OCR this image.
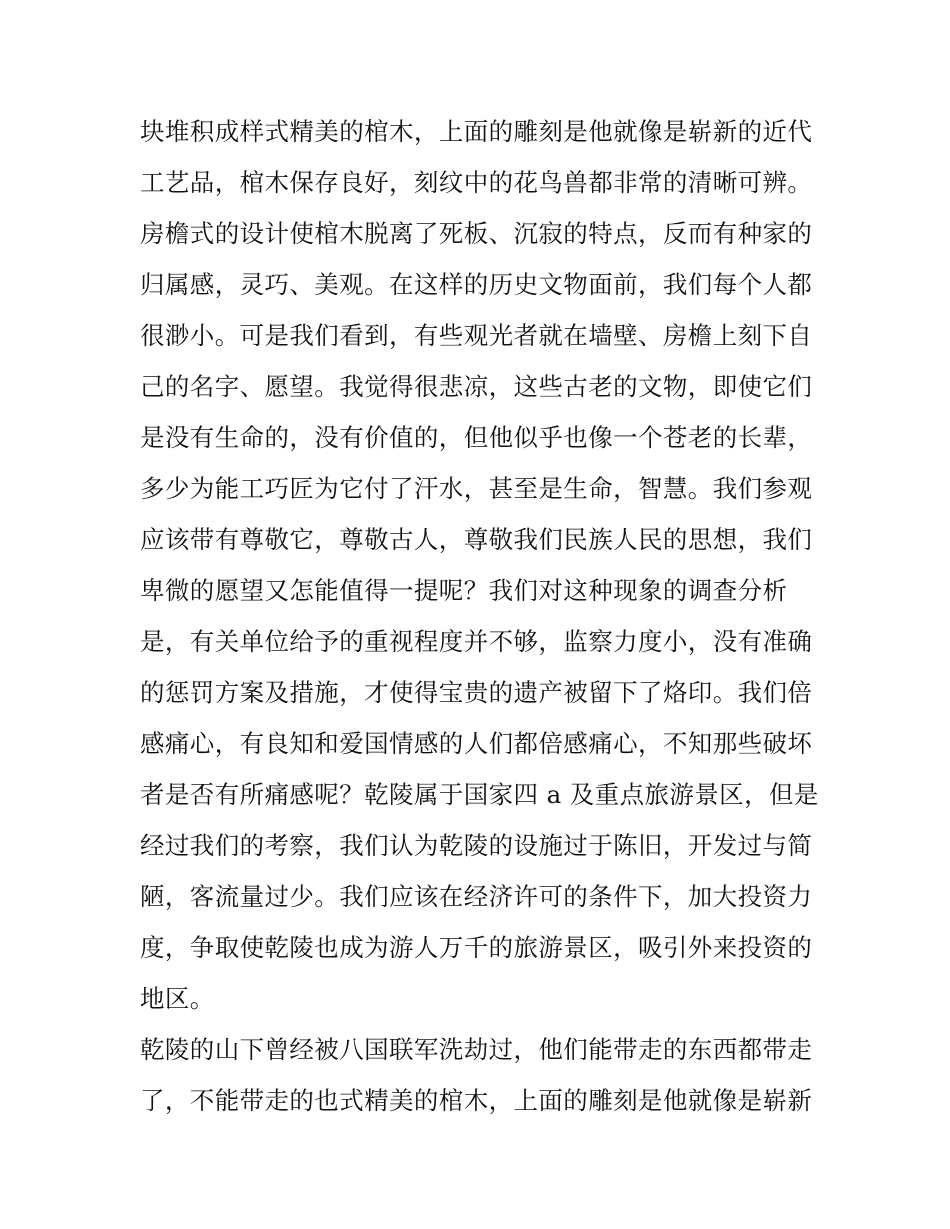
块堆积成样式精美的棺木，上面的雕刻是他就像是崭新的近代
工艺品，棺木保存良好，刻纹中的花鸟兽都非常的清晰可辨。
房檐式的设计使棺木脱离了死板、沉寂的特点，反而有种家的
归属感，灵巧、美观。在这样的历史文物面前，我们每个人都
很渺小。可是我们看到，有些观光者就在墙壁、房檐上刻下自
己的名字、愿望。我觉得很悲凉，这些古老的文物，即使它们
是没有生命的，没有价值的，但他似乎也像一个苍老的长辈，
多少为能工巧匠为它付了汗水，甚至是生命，智慧。我们参观
应该带有尊敬它，尊敬古人，尊敬我们民族人民的思想，我们
卑微的愿望又怎能值得一提呢？我们对这种现象的调查分析
是，有关单位给予的重视程度并不够，监察力度小，没有准确
的惩罚方案及措施，才使得宝贵的遗产被留下了烙印。我们倍
感痛心，有良知和爱国情感的人们都倍感痛心，不知那些破坏
者是否有所痛感呢？乾陵属于国家四 a 及重点旅游景区，但是
经过我们的考察，我们认为乾陵的设施过于陈旧，开发过与简
陋，客流量过少。我们应该在经济许可的条件下，加大投资力
度，争取使乾陵也成为游人万千的旅游景区，吸引外来投资的
地区。
乾陵的山下曾经被八国联军洗劫过，他们能带走的东西都带走
了，不能带走的也式精美的棺木，上面的雕刻是他就像是崭新
